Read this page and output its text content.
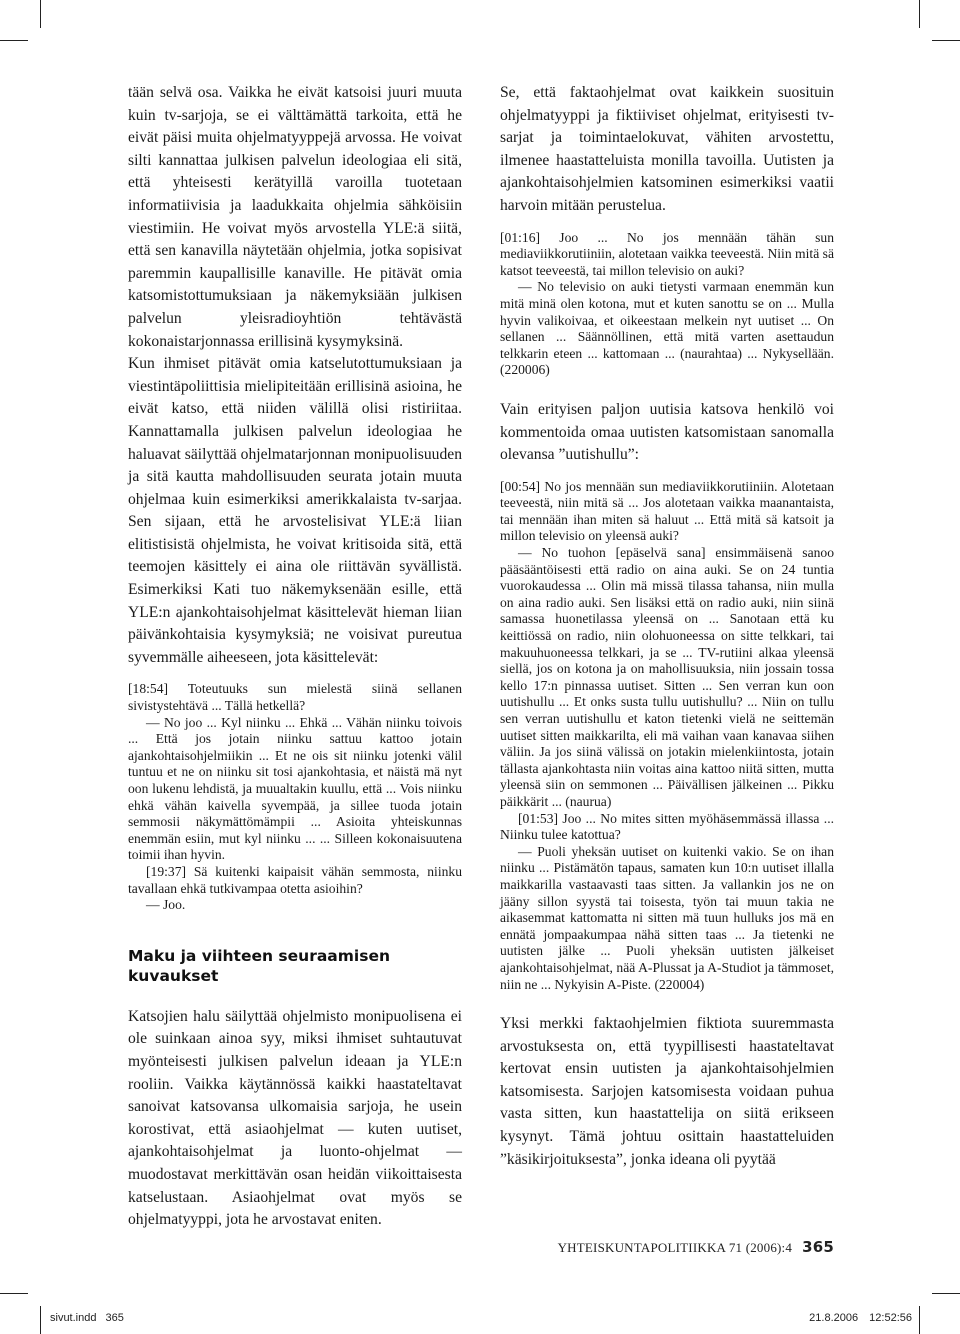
tään selvä osa. Vaikka he eivät katsoisi juuri muuta kuin tv-sarjoja, se ei välttämättä tarkoita, että he eivät päisi muita ohjelmatyyppejä arvossa. He voivat silti kannattaa julkisen palvelun ideologiaa eli sitä, että yhteisesti kerätyillä varoilla tuotetaan informatiivisia ja laadukkaita ohjelmia sähköisiin viestimiin. He voivat myös arvostella YLE:ä siitä, että sen kanavilla näytetään ohjelmia, jotka sopisivat paremmin kaupallisille kanaville. He pitävät omia katsomistottumuksiaan ja näkemyksiään julkisen palvelun yleisradioyhtiön tehtävästä kokonaistarjonnassa erillisinä kysymyksinä.

Kun ihmiset pitävät omia katselutottumuksiaan ja viestintäpoliittisia mielipiteitään erillisinä asioina, he eivät katso, että niiden välillä olisi ristiriitaa. Kannattamalla julkisen palvelun ideologiaa he haluavat säilyttää ohjelmatarjonnan monipuolisuuden ja sitä kautta mahdollisuuden seurata jotain muuta ohjelmaa kuin esimerkiksi amerikkalaista tv-sarjaa. Sen sijaan, että he arvostelisivat YLE:ä liian elitistisistä ohjelmista, he voivat kritisoida sitä, että teemojen käsittely ei aina ole riittävän syvällistä. Esimerkiksi Kati tuo näkemyksenään esille, että YLE:n ajankohtaisohjelmat käsittelevät hieman liian päivänkohtaisia kysymyksiä; ne voisivat pureutua syvemmälle aiheeseen, jota käsittelevät:

[18:54] Toteutuuks sun mielestä siinä sellanen sivistystehtävä ... Tällä hetkellä?

— No joo ... Kyl niinku ... Ehkä ... Vähän niinku toivois ... Että jos jotain niinku sattuu kattoo jotain ajankohtaisohjelmiikin ... Et ne ois sit niinku jotenki välil tuntuu et ne on niinku sit tosi ajankohtasia, et näistä mä nyt oon lukenu lehdistä, ja muualtakin kuullu, että ... Vois niinku ehkä vähän kaivella syvempää, ja sillee tuoda jotain semmosii näkymättömämpii ... Asioita yhteiskunnas enemmän esiin, mut kyl niinku ... ... Silleen kokonaisuutena toimii ihan hyvin.

[19:37] Sä kuitenki kaipaisit vähän semmosta, niinku tavallaan ehkä tutkivampaa otetta asioihin?

— Joo.

Maku ja viihteen seuraamisen kuvaukset

Katsojien halu säilyttää ohjelmisto monipuolisena ei ole suinkaan ainoa syy, miksi ihmiset suhtautuvat myönteisesti julkisen palvelun ideaan ja YLE:n rooliin. Vaikka käytännössä kaikki haastateltavat sanoivat katsovansa ulkomaisia sarjoja, he usein korostivat, että asiaohjelmat — kuten uutiset, ajankohtaisohjelmat ja luonto-ohjelmat — muodostavat merkittävän osan heidän viikoittaisesta katselustaan. Asiaohjelmat ovat myös se ohjelmatyyppi, jota he arvostavat eniten.

Se, että faktaohjelmat ovat kaikkein suosituin ohjelmatyyppi ja fiktiiviset ohjelmat, erityisesti tv-sarjat ja toimintaelokuvat, vähiten arvostettu, ilmenee haastatteluista monilla tavoilla. Uutisten ja ajankohtaisohjelmien katsominen esimerkiksi vaatii harvoin mitään perustelua.

[01:16] Joo ... No jos mennään tähän sun mediaviikkorutiiniin, alotetaan vaikka teeveestä. Niin mitä sä katsot teeveestä, tai millon televisio on auki?

— No televisio on auki tietysti varmaan enemmän kun mitä minä olen kotona, mut et kuten sanottu se on ... Mulla hyvin valikoivaa, et oikeestaan melkein nyt uutiset ... On sellanen ... Säännöllinen, että mitä varten asettaudun telkkarin eteen ... kattomaan ... (naurahtaa) ... Nykysellään. (220006)

Vain erityisen paljon uutisia katsova henkilö voi kommentoida omaa uutisten katsomistaan sanomalla olevansa ”uutishullu”:

[00:54] No jos mennään sun mediaviikkorutiiniin. Alotetaan teeveestä, niin mitä sä ... Jos alotetaan vaikka maanantaista, tai mennään ihan miten sä haluut ... Että mitä sä katsoit ja millon televisio on yleensä auki?

— No tuohon [epäselvä sana] ensimmäisenä sanoo pääsääntöisesti että radio on aina auki. Se on 24 tuntia vuorokaudessa ... Olin mä missä tilassa tahansa, niin mulla on aina radio auki. Sen lisäksi että on radio auki, niin siinä samassa huonetilassa yleensä on ... Sanotaan että ku keittiössä on radio, niin olohuoneessa on sitte telkkari, tai makuuhuoneessa telkkari, ja se ... TV-rutiini alkaa yleensä siellä, jos on kotona ja on mahollisuuksia, niin jossain tossa kello 17:n pinnassa uutiset. Sitten ... Sen verran kun oon uutishullu ... Et onks susta tullu uutishullu? ... Niin on tullu sen verran uutishullu et katon tietenki vielä ne seittemän uutiset sitten maikkarilta, eli mä vaihan vaan kanavaa siihen väliin. Ja jos siinä välissä on jotakin mielenkiintosta, jotain tällasta ajankohtasta niin voitas aina kattoo niitä sitten, mutta yleensä siin on semmonen ... Päivällisen jälkeinen ... Pikku päikkärit ... (naurua)

[01:53] Joo ... No mites sitten myöhäsemmässä illassa ... Niinku tulee katottua?

— Puoli yheksän uutiset on kuitenki vakio. Se on ihan niinku ... Pistämätön tapaus, samaten kun 10:n uutiset illalla maikkarilla vastaavasti taas sitten. Ja vallankin jos ne on jääny sillon syystä tai toisesta, työn tai muun takia ne aikasemmat kattomatta ni sitten mä tuun hulluks jos mä en ennätä jompaakumpaa nähä sitten taas ... Ja tietenki ne uutisten jälke ... Puoli yheksän uutisten jälkeiset ajankohtaisohjelmat, nää A-Plussat ja A-Studiot ja tämmoset, niin ne ... Nykyisin A-Piste. (220004)

Yksi merkki faktaohjelmien fiktiota suuremmasta arvostuksesta on, että tyypillisesti haastateltavat kertovat ensin uutisten ja ajankohtaisohjelmien katsomisesta. Sarjojen katsomisesta voidaan puhua vasta sitten, kun haastattelija on siitä erikseen kysynyt. Tämä johtuu osittain haastatteluiden ”käsikirjoituksesta”, jonka ideana oli pyytää

YHTEISKUNTAPOLITIIKKA 71 (2006):4 365
sivut.indd 365	21.8.2006 12:52:56
